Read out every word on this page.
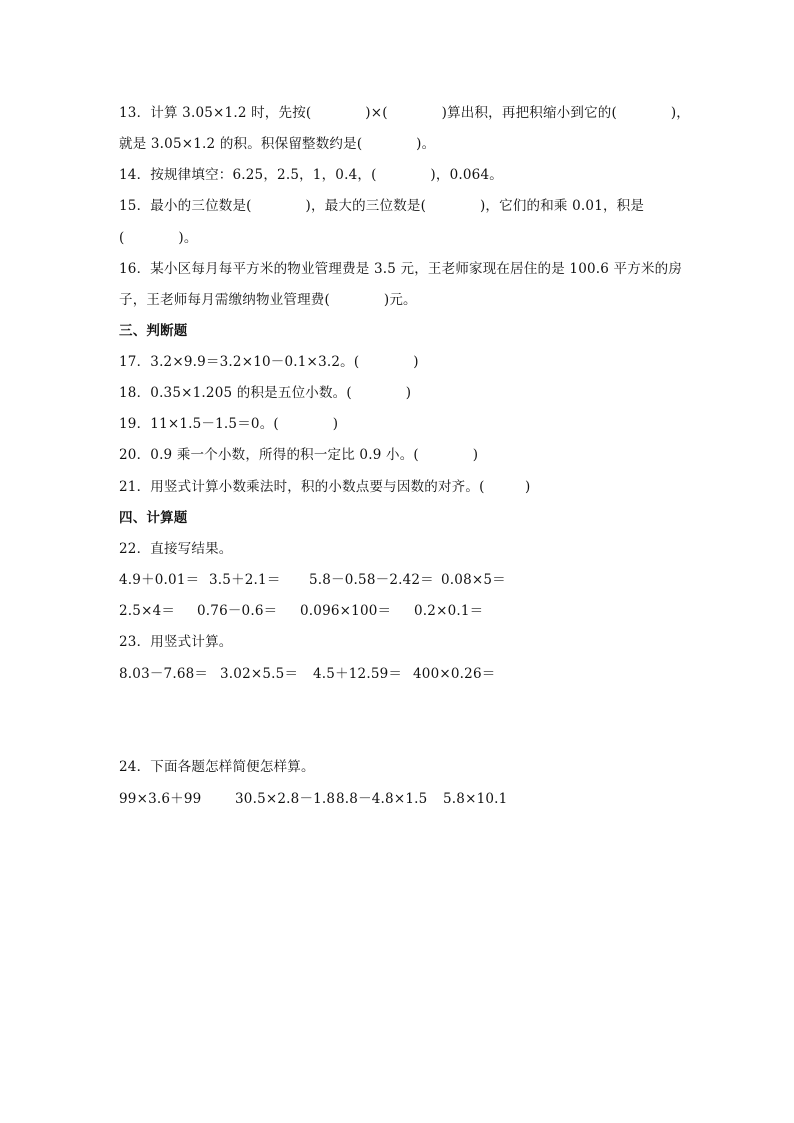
13．计算 3.05×1.2 时，先按(            )×(            )算出积，再把积缩小到它的(            )，
就是 3.05×1.2 的积。积保留整数约是(            )。
14．按规律填空：6.25，2.5，1，0.4，(            )，0.064。
15．最小的三位数是(            )，最大的三位数是(            )，它们的和乘 0.01，积是
(            )。
16．某小区每月每平方米的物业管理费是 3.5 元，王老师家现在居住的是 100.6 平方米的房
子，王老师每月需缴纳物业管理费(            )元。
三、判断题
17．3.2×9.9＝3.2×10－0.1×3.2。(            )
18．0.35×1.205 的积是五位小数。(            )
19．11×1.5－1.5＝0。(            )
20．0.9 乘一个小数，所得的积一定比 0.9 小。(            )
21．用竖式计算小数乘法时，积的小数点要与因数的对齐。(         )
四、计算题
22．直接写结果。
4.9＋0.01＝ 3.5＋2.1＝ 5.8－0.58－2.42＝ 0.08×5＝
2.5×4＝ 0.76－0.6＝ 0.096×100＝ 0.2×0.1＝
23．用竖式计算。
8.03－7.68＝ 3.02×5.5＝ 4.5＋12.59＝ 400×0.26＝
24．下面各题怎样简便怎样算。
99×3.6＋99 30.5×2.8－1.8 8.8－4.8×1.5 5.8×10.1
